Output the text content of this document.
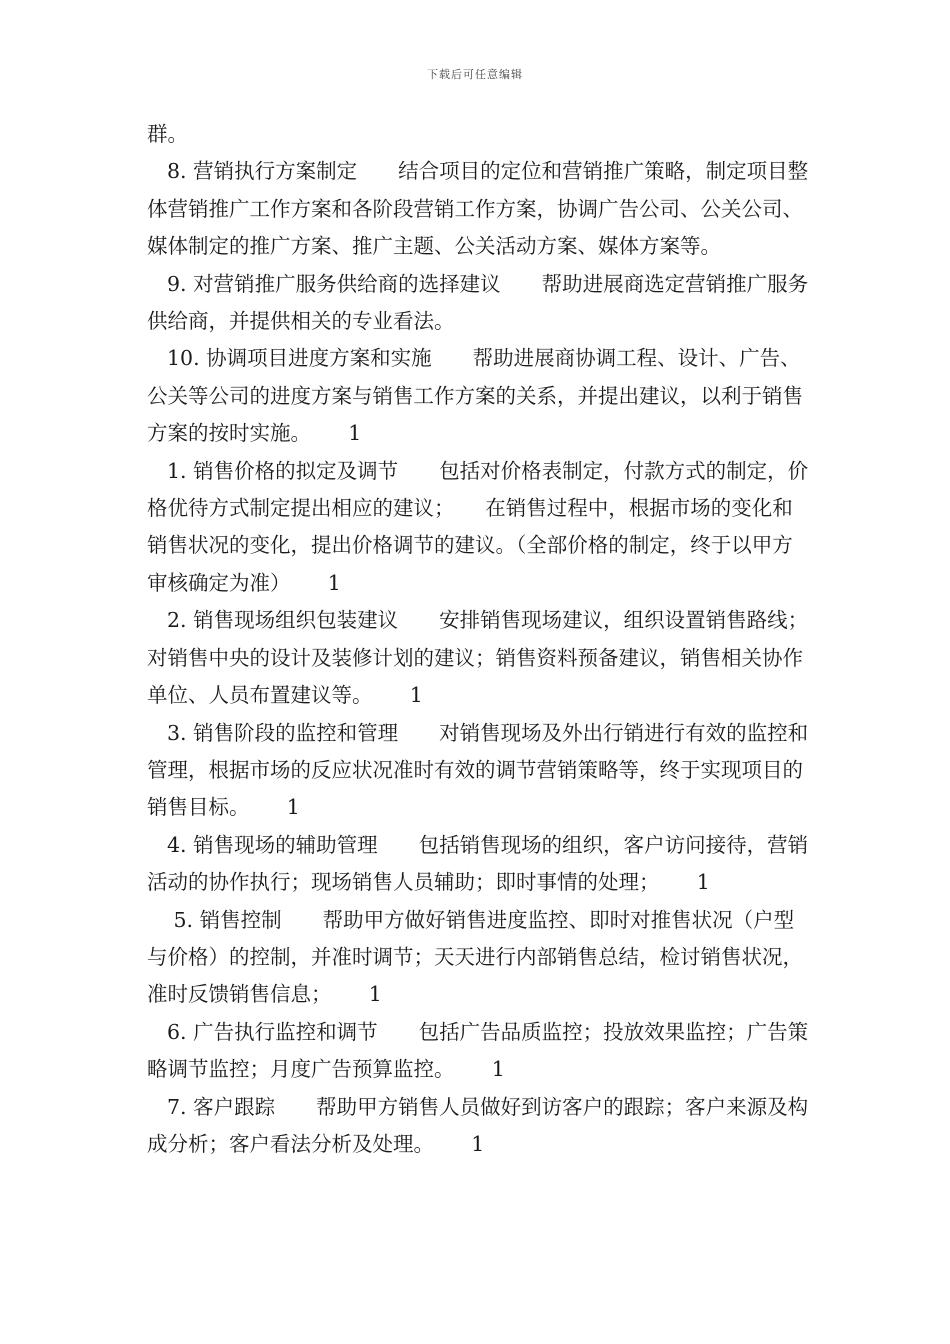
下载后可任意编辑

群。

8. 营销执行方案制定　　结合项目的定位和营销推广策略，制定项目整体营销推广工作方案和各阶段营销工作方案，协调广告公司、公关公司、媒体制定的推广方案、推广主题、公关活动方案、媒体方案等。

9. 对营销推广服务供给商的选择建议　　帮助进展商选定营销推广服务供给商，并提供相关的专业看法。

10. 协调项目进度方案和实施　　帮助进展商协调工程、设计、广告、公关等公司的进度方案与销售工作方案的关系，并提出建议，以利于销售方案的按时实施。　　 1

1. 销售价格的拟定及调节　　包括对价格表制定，付款方式的制定，价格优待方式制定提出相应的建议；　　在销售过程中，根据市场的变化和销售状况的变化，提出价格调节的建议。（全部价格的制定，终于以甲方审核确定为准）　　 1

2. 销售现场组织包装建议　　安排销售现场建议，组织设置销售路线；对销售中央的设计及装修计划的建议；销售资料预备建议，销售相关协作单位、人员布置建议等。　　 1

3. 销售阶段的监控和管理　　对销售现场及外出行销进行有效的监控和管理，根据市场的反应状况准时有效的调节营销策略等，终于实现项目的销售目标。　　 1

4. 销售现场的辅助管理　　包括销售现场的组织，客户访问接待，营销活动的协作执行；现场销售人员辅助；即时事情的处理；　　 1

5. 销售控制　　帮助甲方做好销售进度监控、即时对推售状况（户型与价格）的控制，并准时调节；天天进行内部销售总结，检讨销售状况，准时反馈销售信息；　　 1

6. 广告执行监控和调节　　包括广告品质监控；投放效果监控；广告策略调节监控；月度广告预算监控。　　 1

7. 客户跟踪　　帮助甲方销售人员做好到访客户的跟踪；客户来源及构成分析；客户看法分析及处理。　　 1
